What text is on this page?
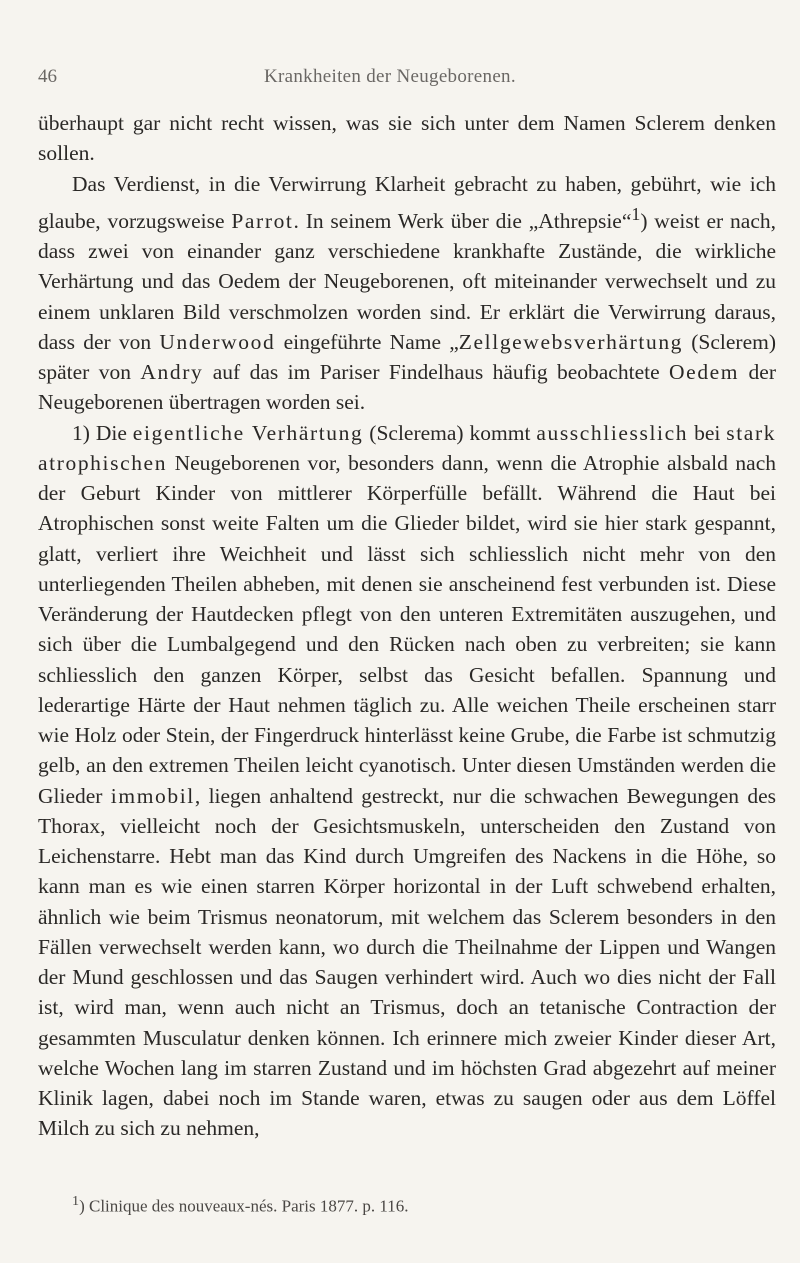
46	Krankheiten der Neugeborenen.

überhaupt gar nicht recht wissen, was sie sich unter dem Namen Sclerem denken sollen.

Das Verdienst, in die Verwirrung Klarheit gebracht zu haben, gebührt, wie ich glaube, vorzugsweise Parrot. In seinem Werk über die „Athrepsie“$^1$) weist er nach, dass zwei von einander ganz verschiedene krankhafte Zustände, die wirkliche Verhärtung und das Oedem der Neugeborenen, oft miteinander verwechselt und zu einem unklaren Bild verschmolzen worden sind. Er erklärt die Verwirrung daraus, dass der von Underwood eingeführte Name „Zellgewebsverhärtung (Sclerem) später von Andry auf das im Pariser Findelhaus häufig beobachtete Oedem der Neugeborenen übertragen worden sei.

1) Die eigentliche Verhärtung (Sclerema) kommt ausschliesslich bei stark atrophischen Neugeborenen vor, besonders dann, wenn die Atrophie alsbald nach der Geburt Kinder von mittlerer Körperfülle befällt. Während die Haut bei Atrophischen sonst weite Falten um die Glieder bildet, wird sie hier stark gespannt, glatt, verliert ihre Weichheit und lässt sich schliesslich nicht mehr von den unterliegenden Theilen abheben, mit denen sie anscheinend fest verbunden ist. Diese Veränderung der Hautdecken pflegt von den unteren Extremitäten auszugehen, und sich über die Lumbalgegend und den Rücken nach oben zu verbreiten; sie kann schliesslich den ganzen Körper, selbst das Gesicht befallen. Spannung und lederartige Härte der Haut nehmen täglich zu. Alle weichen Theile erscheinen starr wie Holz oder Stein, der Fingerdruck hinterlässt keine Grube, die Farbe ist schmutzig gelb, an den extremen Theilen leicht cyanotisch. Unter diesen Umständen werden die Glieder immobil, liegen anhaltend gestreckt, nur die schwachen Bewegungen des Thorax, vielleicht noch der Gesichtsmuskeln, unterscheiden den Zustand von Leichenstarre. Hebt man das Kind durch Umgreifen des Nackens in die Höhe, so kann man es wie einen starren Körper horizontal in der Luft schwebend erhalten, ähnlich wie beim Trismus neonatorum, mit welchem das Sclerem besonders in den Fällen verwechselt werden kann, wo durch die Theilnahme der Lippen und Wangen der Mund geschlossen und das Saugen verhindert wird. Auch wo dies nicht der Fall ist, wird man, wenn auch nicht an Trismus, doch an tetanische Contraction der gesammten Musculatur denken können. Ich erinnere mich zweier Kinder dieser Art, welche Wochen lang im starren Zustand und im höchsten Grad abgezehrt auf meiner Klinik lagen, dabei noch im Stande waren, etwas zu saugen oder aus dem Löffel Milch zu sich zu nehmen,

$^1$) Clinique des nouveaux-nés. Paris 1877. p. 116.
